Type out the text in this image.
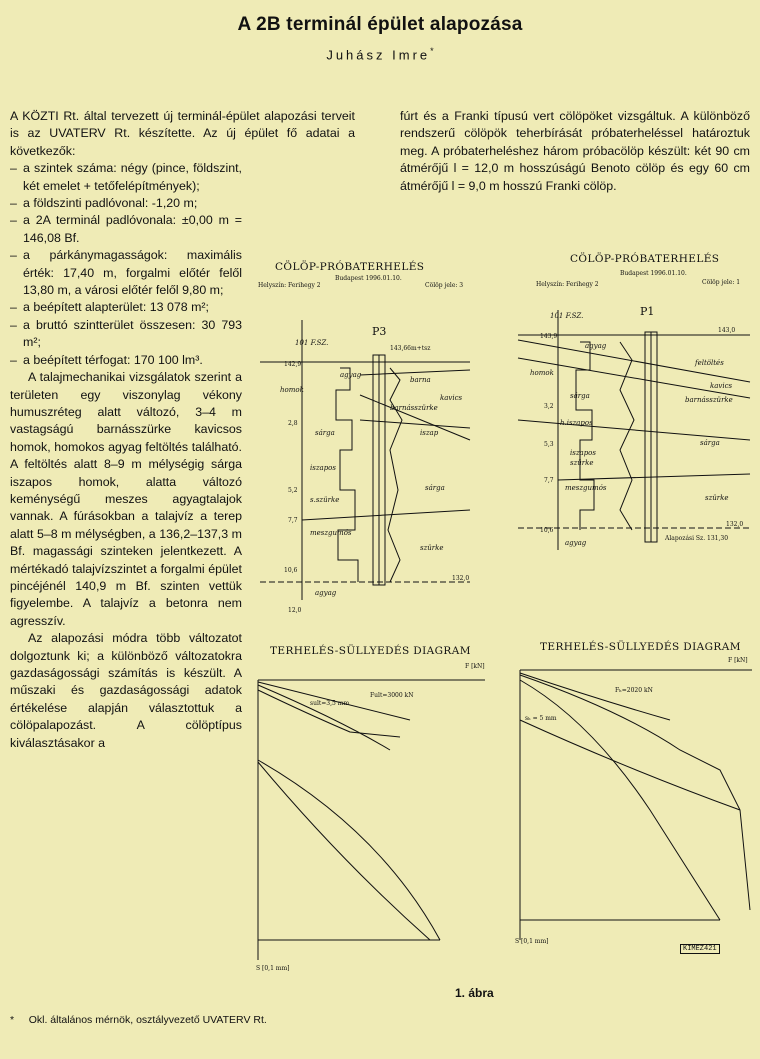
A 2B terminál épület alapozása
Juhász Imre*
A KÖZTI Rt. által tervezett új terminál-épület alapozási terveit is az UVATERV Rt. készítette. Az új épület fő adatai a következők:
– a szintek száma: négy (pince, földszint, két emelet + tetőfelépítmények);
– a földszinti padlóvonal: -1,20 m;
– a 2A terminál padlóvonala: ±0,00 m = 146,08 Bf.
– a párkánymagasságok: maximális érték: 17,40 m, forgalmi előtér felől 13,80 m, a városi előtér felől 9,80 m;
– a beépített alapterület: 13 078 m²;
– a bruttó szintterület összesen: 30 793 m²;
– a beépített térfogat: 170 100 lm³.

A talajmechanikai vizsgálatok szerint a területen egy viszonylag vékony humuszréteg alatt változó, 3–4 m vastagságú barnásszürke kavicsos homok, homokos agyag feltöltés található. A feltöltés alatt 8–9 m mélységig sárga iszapos homok, alatta változó keménységű meszes agyagtalajok vannak. A fúrásokban a talajvíz a terep alatt 5–8 m mélységben, a 136,2–137,3 m Bf. magassági szinteken jelentkezett. A mértékadó talajvízszintet a forgalmi épület pincéjénél 140,9 m Bf. szinten vettük figyelembe. A talajvíz a betonra nem agresszív.

Az alapozási módra több változatot dolgoztunk ki; a különböző változatokra gazdaságossági számítás is készült. A műszaki és gazdaságossági adatok értékelése alapján választottuk a cölöpalapozást. A cölöptípus kiválasztásakor a

fúrt és a Franki típusú vert cölöpöket vizsgáltuk. A különböző rendszerű cölöpök teherbírását próbaterheléssel határoztuk meg. A próbaterheléshez három próbacölöp készült: két 90 cm átmérőjű l = 12,0 m hosszúságú Benoto cölöp és egy 60 cm átmérőjű l = 9,0 m hosszú Franki cölöp.
CÖLÖP-PRÓBATERHELÉS
Helyszín: Ferihegy 2
Budapest 1996.01.10.
Cölöp jele: 3
101 F.SZ.
P3
143,66m+tsz
142,9
2,8
5,2
7,7
10,6
12,0
agyag
barna
homok
barnásszürke
kavics
sárga	iszap
iszapos
sárga
s.szürke
meszgumós
szürke
agyag
132,0
CÖLÖP-PRÓBATERHELÉS
Helyszín: Ferihegy 2
Budapest 1996.01.10.
Cölöp jele: 1
101 F.SZ.	P1
143,0
143,9
3,2
5,3
7,7
10,6
agyag
feltöltés
homok
kavics
barnásszürke
sárga
h.iszapos
sárga
szürke
meszgumós
iszapos
szürke
agyag
132,0
Alapozási Sz. 131,30
TERHELÉS-SÜLLYEDÉS DIAGRAM
F [kN]
sult=3,5 mm
Fult=3000 kN
S [0,1 mm]
TERHELÉS-SÜLLYEDÉS DIAGRAM
F [kN]
Fₕ=2020 kN
sₕ = 5 mm
S [0,1 mm]
KIMEZ421
1. ábra
* Okl. általános mérnök, osztályvezető UVATERV Rt.
